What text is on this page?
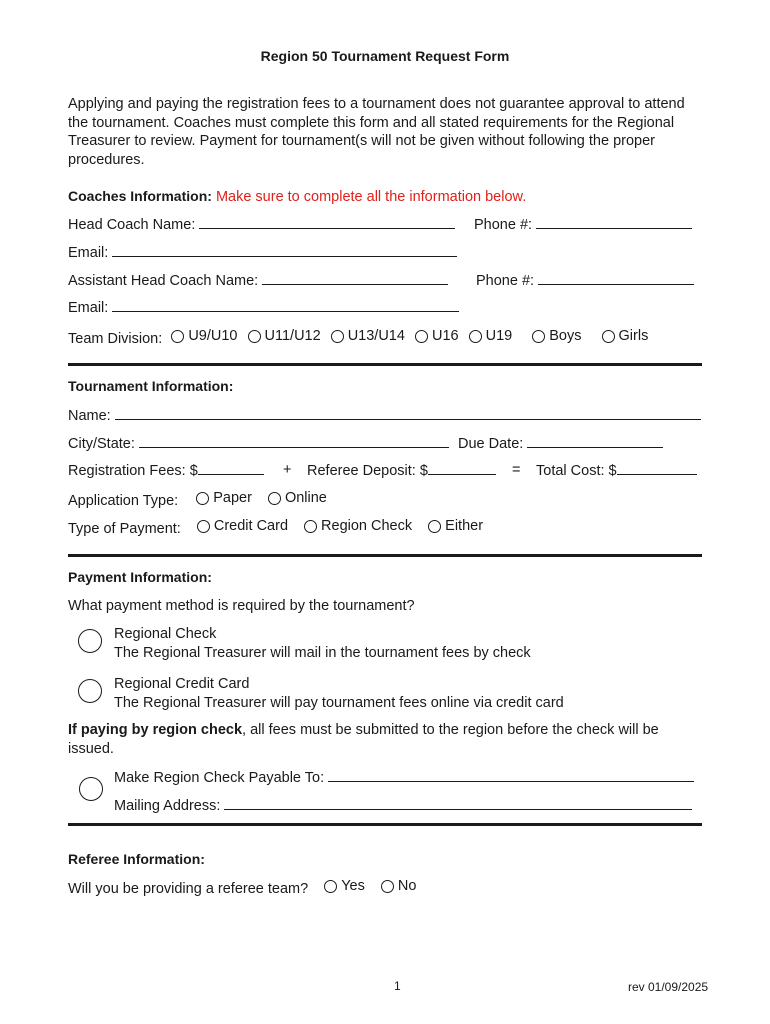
Region 50 Tournament Request Form
Applying and paying the registration fees to a tournament does not guarantee approval to attend the tournament. Coaches must complete this form and all stated requirements for the Regional Treasurer to review. Payment for tournament(s will not be given without following the proper procedures.
Coaches Information: Make sure to complete all the information below.
Head Coach Name:	Phone #:
Email:
Assistant Head Coach Name:	Phone #:
Email:
Team Division: U9/U10
U11/U12
U13/U14
U16
U19
	Boys
	Girls
Tournament Information:
Name:
City/State:	Due Date:
Registration Fees: $	+ Referee Deposit: $	= Total Cost: $
Application Type: Paper
Online
Type of Payment: Credit Card
Region Check
Either
Payment Information:
What payment method is required by the tournament?
Regional Check
The Regional Treasurer will mail in the tournament fees by check
Regional Credit Card
The Regional Treasurer will pay tournament fees online via credit card
If paying by region check, all fees must be submitted to the region before the check will be issued.
Make Region Check Payable To:
Mailing Address:
Referee Information:
Will you be providing a referee team? Yes
No
1	rev 01/09/2025
